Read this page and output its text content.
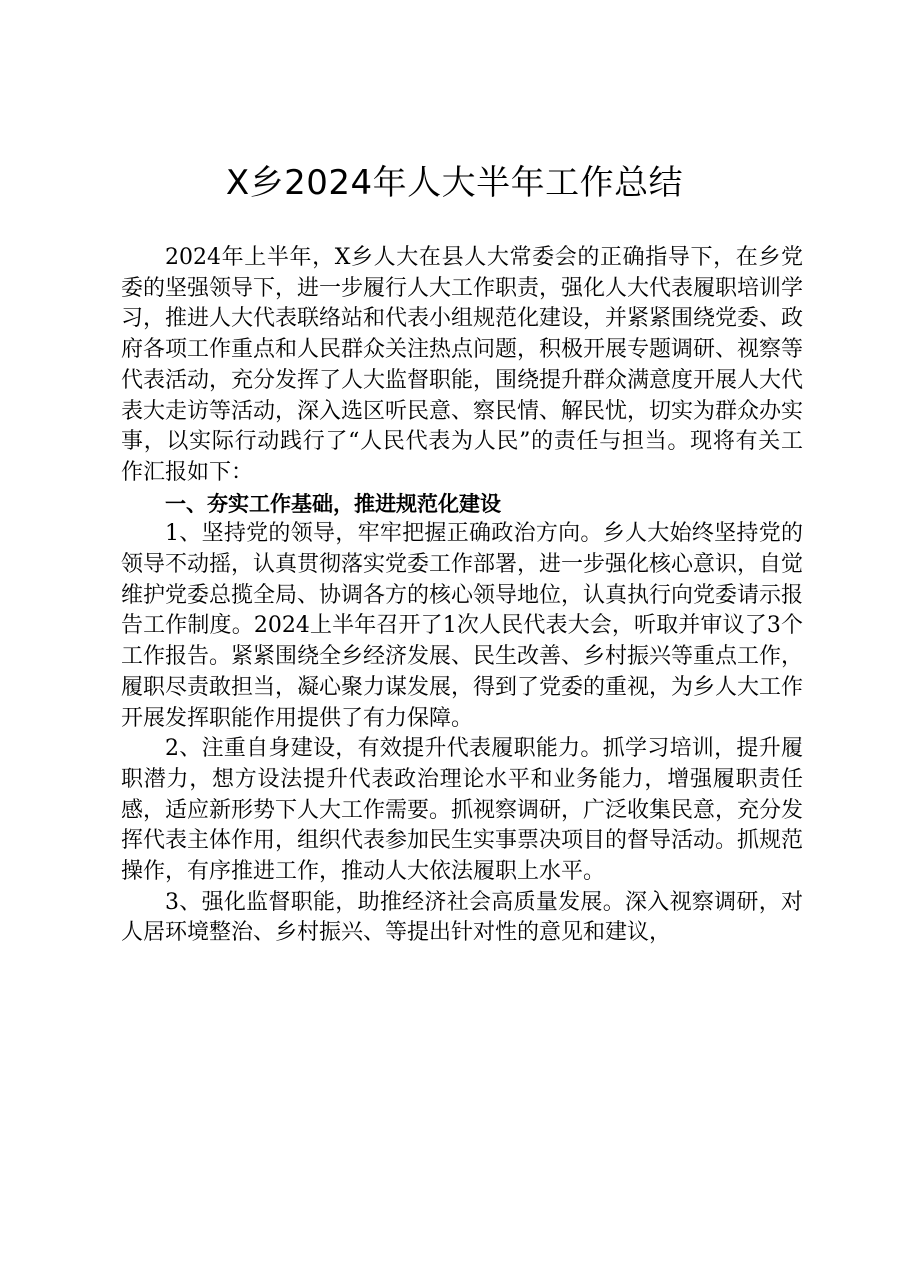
X乡2024年人大半年工作总结

2024年上半年，X乡人大在县人大常委会的正确指导下，在乡党委的坚强领导下，进一步履行人大工作职责，强化人大代表履职培训学习，推进人大代表联络站和代表小组规范化建设，并紧紧围绕党委、政府各项工作重点和人民群众关注热点问题，积极开展专题调研、视察等代表活动，充分发挥了人大监督职能，围绕提升群众满意度开展人大代表大走访等活动，深入选区听民意、察民情、解民忧，切实为群众办实事，以实际行动践行了“人民代表为人民”的责任与担当。现将有关工作汇报如下：

一、夯实工作基础，推进规范化建设

1、坚持党的领导，牢牢把握正确政治方向。乡人大始终坚持党的领导不动摇，认真贯彻落实党委工作部署，进一步强化核心意识，自觉维护党委总揽全局、协调各方的核心领导地位，认真执行向党委请示报告工作制度。2024上半年召开了1次人民代表大会，听取并审议了3个工作报告。紧紧围绕全乡经济发展、民生改善、乡村振兴等重点工作，履职尽责敢担当，凝心聚力谋发展，得到了党委的重视，为乡人大工作开展发挥职能作用提供了有力保障。

2、注重自身建设，有效提升代表履职能力。抓学习培训，提升履职潜力，想方设法提升代表政治理论水平和业务能力，增强履职责任感，适应新形势下人大工作需要。抓视察调研，广泛收集民意，充分发挥代表主体作用，组织代表参加民生实事票决项目的督导活动。抓规范操作，有序推进工作，推动人大依法履职上水平。

3、强化监督职能，助推经济社会高质量发展。深入视察调研，对人居环境整治、乡村振兴、等提出针对性的意见和建议，
